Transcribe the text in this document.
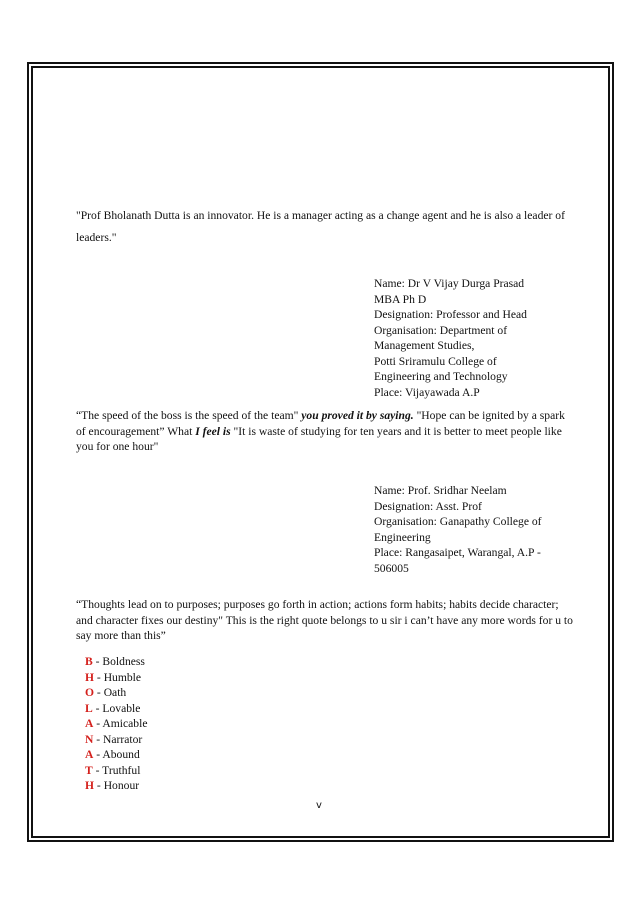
"Prof Bholanath Dutta is an innovator. He is a manager acting as a change agent and he is also a leader of leaders."

Name: Dr V Vijay Durga Prasad
MBA Ph D
Designation: Professor and Head
Organisation: Department of
Management Studies,
Potti Sriramulu College of
Engineering and Technology
Place: Vijayawada A.P

“The speed of the boss is the speed of the team" you proved it by saying. "Hope can be ignited by a spark of encouragement” What I feel is "It is waste of studying for ten years and it is better to meet people like you for one hour"

Name: Prof. Sridhar Neelam
Designation: Asst. Prof
Organisation: Ganapathy College of
Engineering
Place: Rangasaipet, Warangal, A.P -
506005

“Thoughts lead on to purposes; purposes go forth in action; actions form habits; habits decide character; and character fixes our destiny" This is the right quote belongs to u sir i can’t have any more words for u to say more than this”

B - Boldness
H - Humble
O - Oath
L - Lovable
A - Amicable
N - Narrator
A - Abound
T - Truthful
H - Honour
v
